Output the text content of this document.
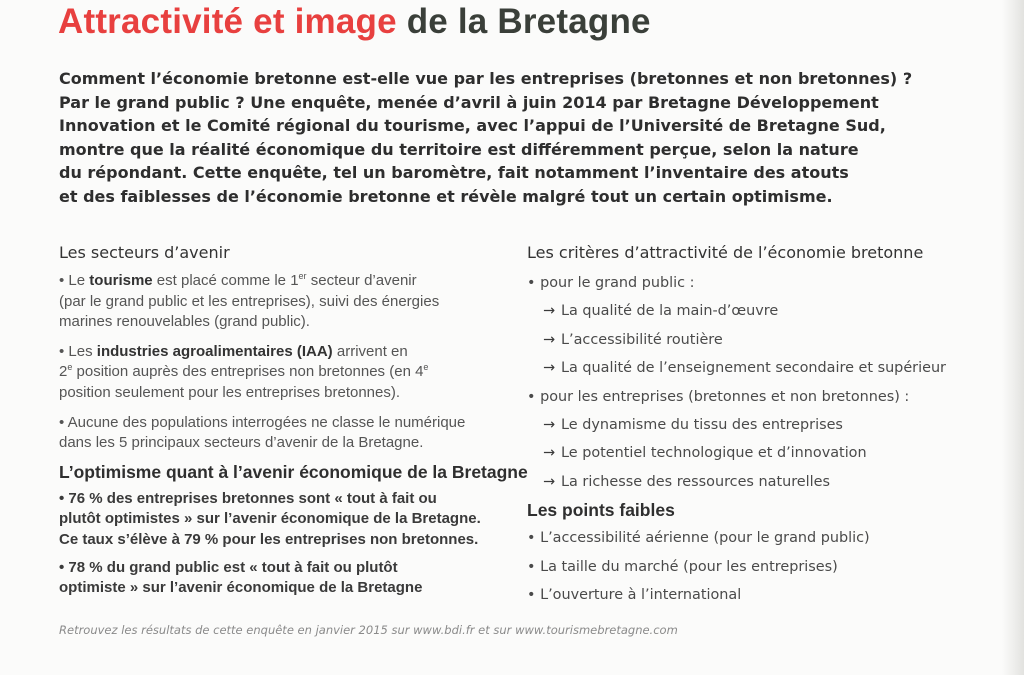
Attractivité et image de la Bretagne
Comment l’économie bretonne est-elle vue par les entreprises (bretonnes et non bretonnes) ?
Par le grand public ? Une enquête, menée d’avril à juin 2014 par Bretagne Développement
Innovation et le Comité régional du tourisme, avec l’appui de l’Université de Bretagne Sud,
montre que la réalité économique du territoire est différemment perçue, selon la nature
du répondant. Cette enquête, tel un baromètre, fait notamment l’inventaire des atouts
et des faiblesses de l’économie bretonne et révèle malgré tout un certain optimisme.
Les secteurs d’avenir
• Le tourisme est placé comme le 1er secteur d’avenir
(par le grand public et les entreprises), suivi des énergies
marines renouvelables (grand public).
• Les industries agroalimentaires (IAA) arrivent en
2e position auprès des entreprises non bretonnes (en 4e
position seulement pour les entreprises bretonnes).
• Aucune des populations interrogées ne classe le numérique
dans les 5 principaux secteurs d’avenir de la Bretagne.
L’optimisme quant à l’avenir économique de la Bretagne
• 76 % des entreprises bretonnes sont « tout à fait ou
plutôt optimistes » sur l’avenir économique de la Bretagne.
Ce taux s’élève à 79 % pour les entreprises non bretonnes.
• 78 % du grand public est « tout à fait ou plutôt
optimiste » sur l’avenir économique de la Bretagne
Les critères d’attractivité de l’économie bretonne
• pour le grand public :
→ La qualité de la main-d’œuvre
→ L’accessibilité routière
→ La qualité de l’enseignement secondaire et supérieur
• pour les entreprises (bretonnes et non bretonnes) :
→ Le dynamisme du tissu des entreprises
→ Le potentiel technologique et d’innovation
→ La richesse des ressources naturelles
Les points faibles
• L’accessibilité aérienne (pour le grand public)
• La taille du marché (pour les entreprises)
• L’ouverture à l’international
Retrouvez les résultats de cette enquête en janvier 2015 sur www.bdi.fr et sur www.tourismebretagne.com
